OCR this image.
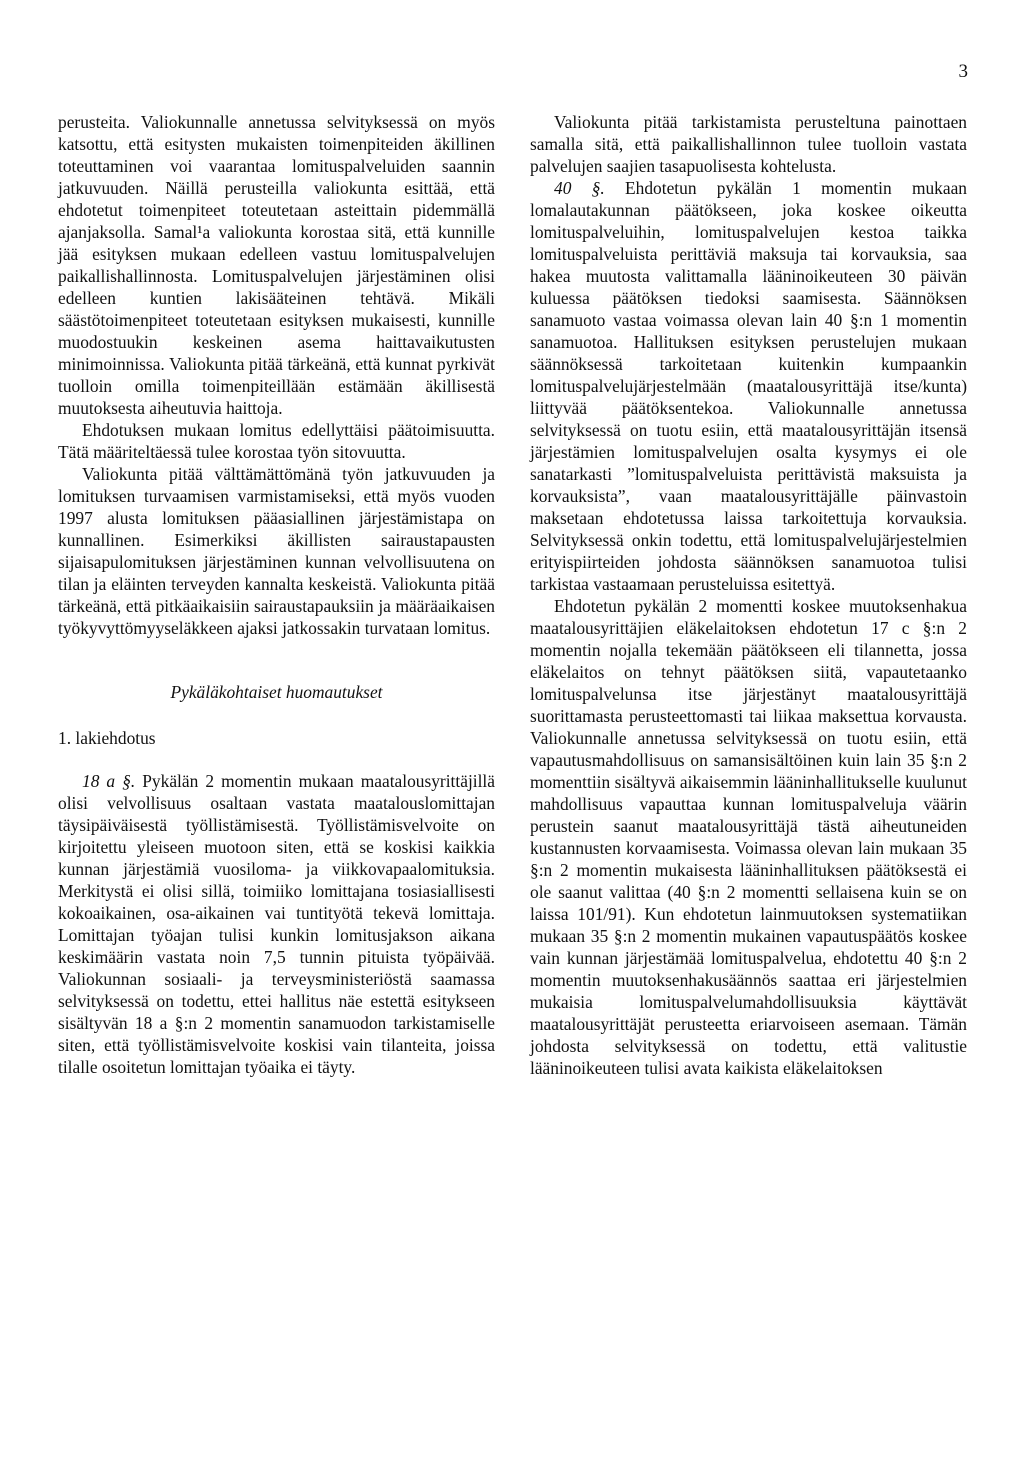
3

perusteita. Valiokunnalle annetussa selvityksessä on myös katsottu, että esitysten mukaisten toimenpiteiden äkillinen toteuttaminen voi vaarantaa lomituspalveluiden saannin jatkuvuuden. Näillä perusteilla valiokunta esittää, että ehdotetut toimenpiteet toteutetaan asteittain pidemmällä ajanjaksolla. Samal¹a valiokunta korostaa sitä, että kunnille jää esityksen mukaan edelleen vastuu lomituspalvelujen paikallishallinnosta. Lomituspalvelujen järjestäminen olisi edelleen kuntien lakisääteinen tehtävä. Mikäli säästötoimenpiteet toteutetaan esityksen mukaisesti, kunnille muodostuukin keskeinen asema haittavaikutusten minimoinnissa. Valiokunta pitää tärkeänä, että kunnat pyrkivät tuolloin omilla toimenpiteillään estämään äkillisestä muutoksesta aiheutuvia haittoja.

Ehdotuksen mukaan lomitus edellyttäisi päätoimisuutta. Tätä määriteltäessä tulee korostaa työn sitovuutta.

Valiokunta pitää välttämättömänä työn jatkuvuuden ja lomituksen turvaamisen varmistamiseksi, että myös vuoden 1997 alusta lomituksen pääasiallinen järjestämistapa on kunnallinen. Esimerkiksi äkillisten sairaustapausten sijaisapulomituksen järjestäminen kunnan velvollisuutena on tilan ja eläinten terveyden kannalta keskeistä. Valiokunta pitää tärkeänä, että pitkäaikaisiin sairaustapauksiin ja määräaikaisen työkyvyttömyyseläkkeen ajaksi jatkossakin turvataan lomitus.

Pykäläkohtaiset huomautukset

1. lakiehdotus

18 a §. Pykälän 2 momentin mukaan maatalousyrittäjillä olisi velvollisuus osaltaan vastata maatalouslomittajan täysipäiväisestä työllistämisestä. Työllistämisvelvoite on kirjoitettu yleiseen muotoon siten, että se koskisi kaikkia kunnan järjestämiä vuosiloma- ja viikkovapaalomituksia. Merkitystä ei olisi sillä, toimiiko lomittajana tosiasiallisesti kokoaikainen, osa-aikainen vai tuntityötä tekevä lomittaja. Lomittajan työajan tulisi kunkin lomitusjakson aikana keskimäärin vastata noin 7,5 tunnin pituista työpäivää. Valiokunnan sosiaali- ja terveysministeriöstä saamassa selvityksessä on todettu, ettei hallitus näe estettä esitykseen sisältyvän 18 a §:n 2 momentin sanamuodon tarkistamiselle siten, että työllistämisvelvoite koskisi vain tilanteita, joissa tilalle osoitetun lomittajan työaika ei täyty.

Valiokunta pitää tarkistamista perusteltuna painottaen samalla sitä, että paikallishallinnon tulee tuolloin vastata palvelujen saajien tasapuolisesta kohtelusta.

40 §. Ehdotetun pykälän 1 momentin mukaan lomalautakunnan päätökseen, joka koskee oikeutta lomituspalveluihin, lomituspalvelujen kestoa taikka lomituspalveluista perittäviä maksuja tai korvauksia, saa hakea muutosta valittamalla lääninoikeuteen 30 päivän kuluessa päätöksen tiedoksi saamisesta. Säännöksen sanamuoto vastaa voimassa olevan lain 40 §:n 1 momentin sanamuotoa. Hallituksen esityksen perustelujen mukaan säännöksessä tarkoitetaan kuitenkin kumpaankin lomituspalvelujärjestelmään (maatalousyrittäjä itse/kunta) liittyvää päätöksentekoa. Valiokunnalle annetussa selvityksessä on tuotu esiin, että maatalousyrittäjän itsensä järjestämien lomituspalvelujen osalta kysymys ei ole sanatarkasti ”lomituspalveluista perittävistä maksuista ja korvauksista”, vaan maatalousyrittäjälle päinvastoin maksetaan ehdotetussa laissa tarkoitettuja korvauksia. Selvityksessä onkin todettu, että lomituspalvelujärjestelmien erityispiirteiden johdosta säännöksen sanamuotoa tulisi tarkistaa vastaamaan perusteluissa esitettyä.

Ehdotetun pykälän 2 momentti koskee muutoksenhakua maatalousyrittäjien eläkelaitoksen ehdotetun 17 c §:n 2 momentin nojalla tekemään päätökseen eli tilannetta, jossa eläkelaitos on tehnyt päätöksen siitä, vapautetaanko lomituspalvelunsa itse järjestänyt maatalousyrittäjä suorittamasta perusteettomasti tai liikaa maksettua korvausta. Valiokunnalle annetussa selvityksessä on tuotu esiin, että vapautusmahdollisuus on samansisältöinen kuin lain 35 §:n 2 momenttiin sisältyvä aikaisemmin lääninhallitukselle kuulunut mahdollisuus vapauttaa kunnan lomituspalveluja väärin perustein saanut maatalousyrittäjä tästä aiheutuneiden kustannusten korvaamisesta. Voimassa olevan lain mukaan 35 §:n 2 momentin mukaisesta lääninhallituksen päätöksestä ei ole saanut valittaa (40 §:n 2 momentti sellaisena kuin se on laissa 101/91). Kun ehdotetun lainmuutoksen systematiikan mukaan 35 §:n 2 momentin mukainen vapautuspäätös koskee vain kunnan järjestämää lomituspalvelua, ehdotettu 40 §:n 2 momentin muutoksenhakusäännös saattaa eri järjestelmien mukaisia lomituspalvelumahdollisuuksia käyttävät maatalousyrittäjät perusteetta eriarvoiseen asemaan. Tämän johdosta selvityksessä on todettu, että valitustie lääninoikeuteen tulisi avata kaikista eläkelaitoksen
